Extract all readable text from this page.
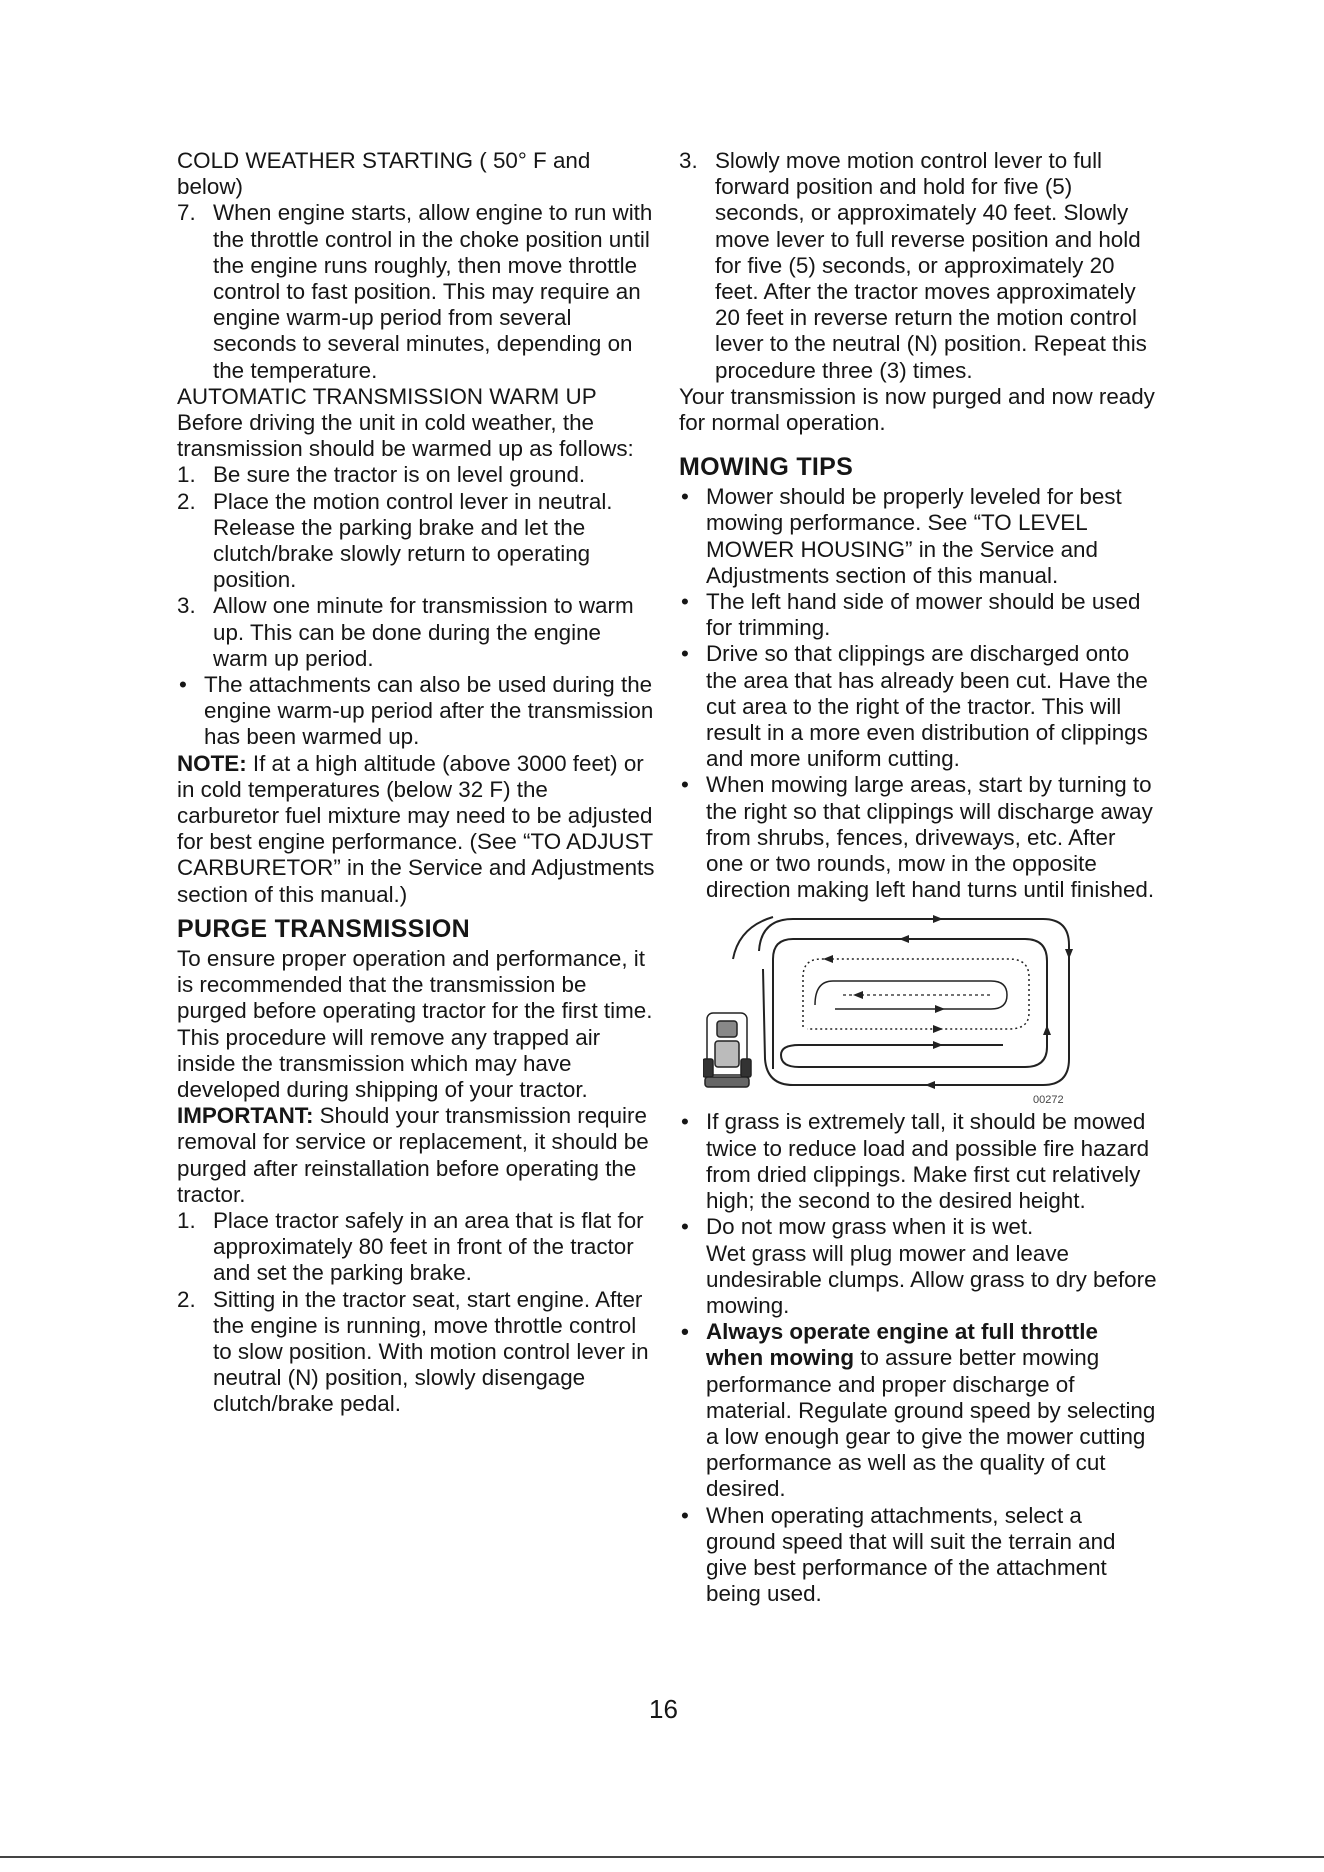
COLD WEATHER STARTING ( 50° F and below)

7. When engine starts, allow engine to run with the throttle control in the choke position until the engine runs roughly, then move throttle control to fast position. This may require an engine warm-up period from several seconds to several minutes, depending on the temperature.

AUTOMATIC TRANSMISSION WARM UP

Before driving the unit in cold weather, the transmission should be warmed up as follows:

1. Be sure the tractor is on level ground.
2. Place the motion control lever in neutral. Release the parking brake and let the clutch/brake slowly return to operating position.
3. Allow one minute for transmission to warm up. This can be done during the engine warm up period.
• The attachments can also be used during the engine warm-up period after the transmission has been warmed up.

NOTE: If at a high altitude (above 3000 feet) or in cold temperatures (below 32 F) the carburetor fuel mixture may need to be adjusted for best engine performance. (See “TO ADJUST CARBURETOR” in the Service and Adjustments section of this manual.)

PURGE TRANSMISSION

To ensure proper operation and performance, it is recommended that the transmission be purged before operating tractor for the first time. This procedure will remove any trapped air inside the transmission which may have developed during shipping of your tractor.

IMPORTANT: Should your transmission require removal for service or replacement, it should be purged after reinstallation before operating the tractor.

1. Place tractor safely in an area that is flat for approximately 80 feet in front of the tractor and set the parking brake.
2. Sitting in the tractor seat, start engine. After the engine is running, move throttle control to slow position. With motion control lever in neutral (N) position, slowly disengage clutch/brake pedal.
3. Slowly move motion control lever to full forward position and hold for five (5) seconds, or approximately 40 feet. Slowly move lever to full reverse position and hold for five (5) seconds, or approximately 20 feet. After the tractor moves approximately 20 feet in reverse return the motion control lever to the neutral (N) position. Repeat this procedure three (3) times.

Your transmission is now purged and now ready for normal operation.

MOWING TIPS

• Mower should be properly leveled for best mowing performance. See “TO LEVEL MOWER HOUSING” in the Service and Adjustments section of this manual.
• The left hand side of mower should be used for trimming.
• Drive so that clippings are discharged onto the area that has already been cut. Have the cut area to the right of the tractor. This will result in a more even distribution of clippings and more uniform cutting.
• When mowing large areas, start by turning to the right so that clippings will discharge away from shrubs, fences, driveways, etc. After one or two rounds, mow in the opposite direction making left hand turns until finished.
00272
• If grass is extremely tall, it should be mowed twice to reduce load and possible fire hazard from dried clippings. Make first cut relatively high; the second to the desired height.
• Do not mow grass when it is wet.
Wet grass will plug mower and leave undesirable clumps. Allow grass to dry before mowing.
• Always operate engine at full throttle when mowing to assure better mowing performance and proper discharge of material. Regulate ground speed by selecting a low enough gear to give the mower cutting performance as well as the quality of cut desired.
• When operating attachments, select a ground speed that will suit the terrain and give best performance of the attachment being used.
16
